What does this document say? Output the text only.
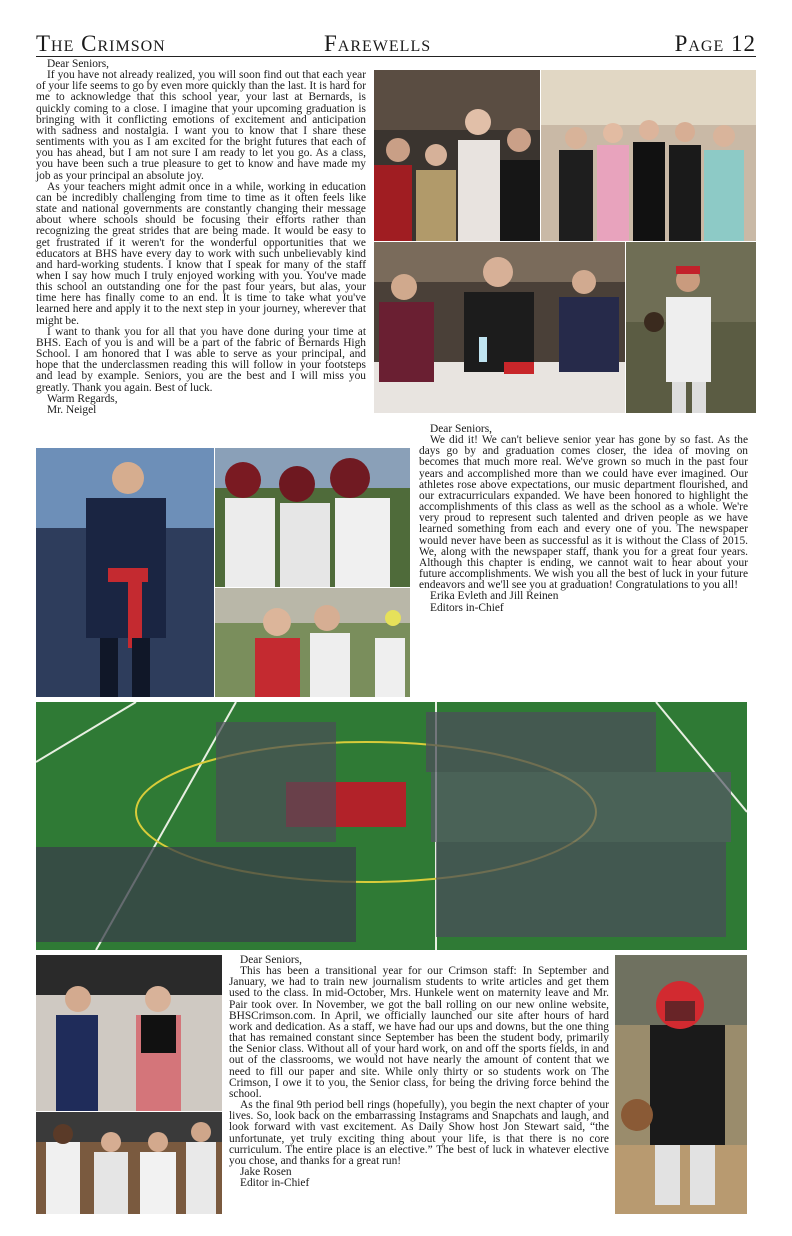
The Crimson	Farewells	Page 12

Dear Seniors,

If you have not already realized, you will soon find out that each year of your life seems to go by even more quickly than the last. It is hard for me to acknowledge that this school year, your last at Bernards, is quickly coming to a close. I imagine that your upcoming graduation is bringing with it conflicting emotions of excitement and anticipation with sadness and nostalgia. I want you to know that I share these sentiments with you as I am excited for the bright futures that each of you has ahead, but I am not sure I am ready to let you go. As a class, you have been such a true pleasure to get to know and have made my job as your principal an absolute joy.

As your teachers might admit once in a while, working in education can be incredibly challenging from time to time as it often feels like state and national governments are constantly changing their message about where schools should be focusing their efforts rather than recognizing the great strides that are being made. It would be easy to get frustrated if it weren't for the wonderful opportunities that we educators at BHS have every day to work with such unbelievably kind and hard-working students. I know that I speak for many of the staff when I say how much I truly enjoyed working with you. You've made this school an outstanding one for the past four years, but alas, your time here has finally come to an end. It is time to take what you've learned here and apply it to the next step in your journey, wherever that might be.

I want to thank you for all that you have done during your time at BHS. Each of you is and will be a part of the fabric of Bernards High School. I am honored that I was able to serve as your principal, and hope that the underclassmen reading this will follow in your footsteps and lead by example. Seniors, you are the best and I will miss you greatly. Thank you again. Best of luck.

Warm Regards,

Mr. Neigel

Dear Seniors,

We did it! We can't believe senior year has gone by so fast. As the days go by and graduation comes closer, the idea of moving on becomes that much more real. We've grown so much in the past four years and accomplished more than we could have ever imagined. Our athletes rose above expectations, our music department flourished, and our extracurriculars expanded. We have been honored to highlight the accomplishments of this class as well as the school as a whole. We're very proud to represent such talented and driven people as we have learned something from each and every one of you. The newspaper would never have been as successful as it is without the Class of 2015. We, along with the newspaper staff, thank you for a great four years. Although this chapter is ending, we cannot wait to hear about your future accomplishments. We wish you all the best of luck in your future endeavors and we'll see you at graduation! Congratulations to you all!

Erika Evleth and Jill Reinen

Editors in-Chief

Dear Seniors,

This has been a transitional year for our Crimson staff: In September and January, we had to train new journalism students to write articles and get them used to the class. In mid-October, Mrs. Hunkele went on maternity leave and Mr. Pair took over. In November, we got the ball rolling on our new online website, BHSCrimson.com. In April, we officially launched our site after hours of hard work and dedication. As a staff, we have had our ups and downs, but the one thing that has remained constant since September has been the student body, primarily the Senior class. Without all of your hard work, on and off the sports fields, in and out of the classrooms, we would not have nearly the amount of content that we need to fill our paper and site. While only thirty or so students work on The Crimson, I owe it to you, the Senior class, for being the driving force behind the school.

As the final 9th period bell rings (hopefully), you begin the next chapter of your lives. So, look back on the embarrassing Instagrams and Snapchats and laugh, and look forward with vast excitement. As Daily Show host Jon Stewart said, “the unfortunate, yet truly exciting thing about your life, is that there is no core curriculum. The entire place is an elective.” The best of luck in whatever elective you chose, and thanks for a great run!

Jake Rosen

Editor in-Chief
